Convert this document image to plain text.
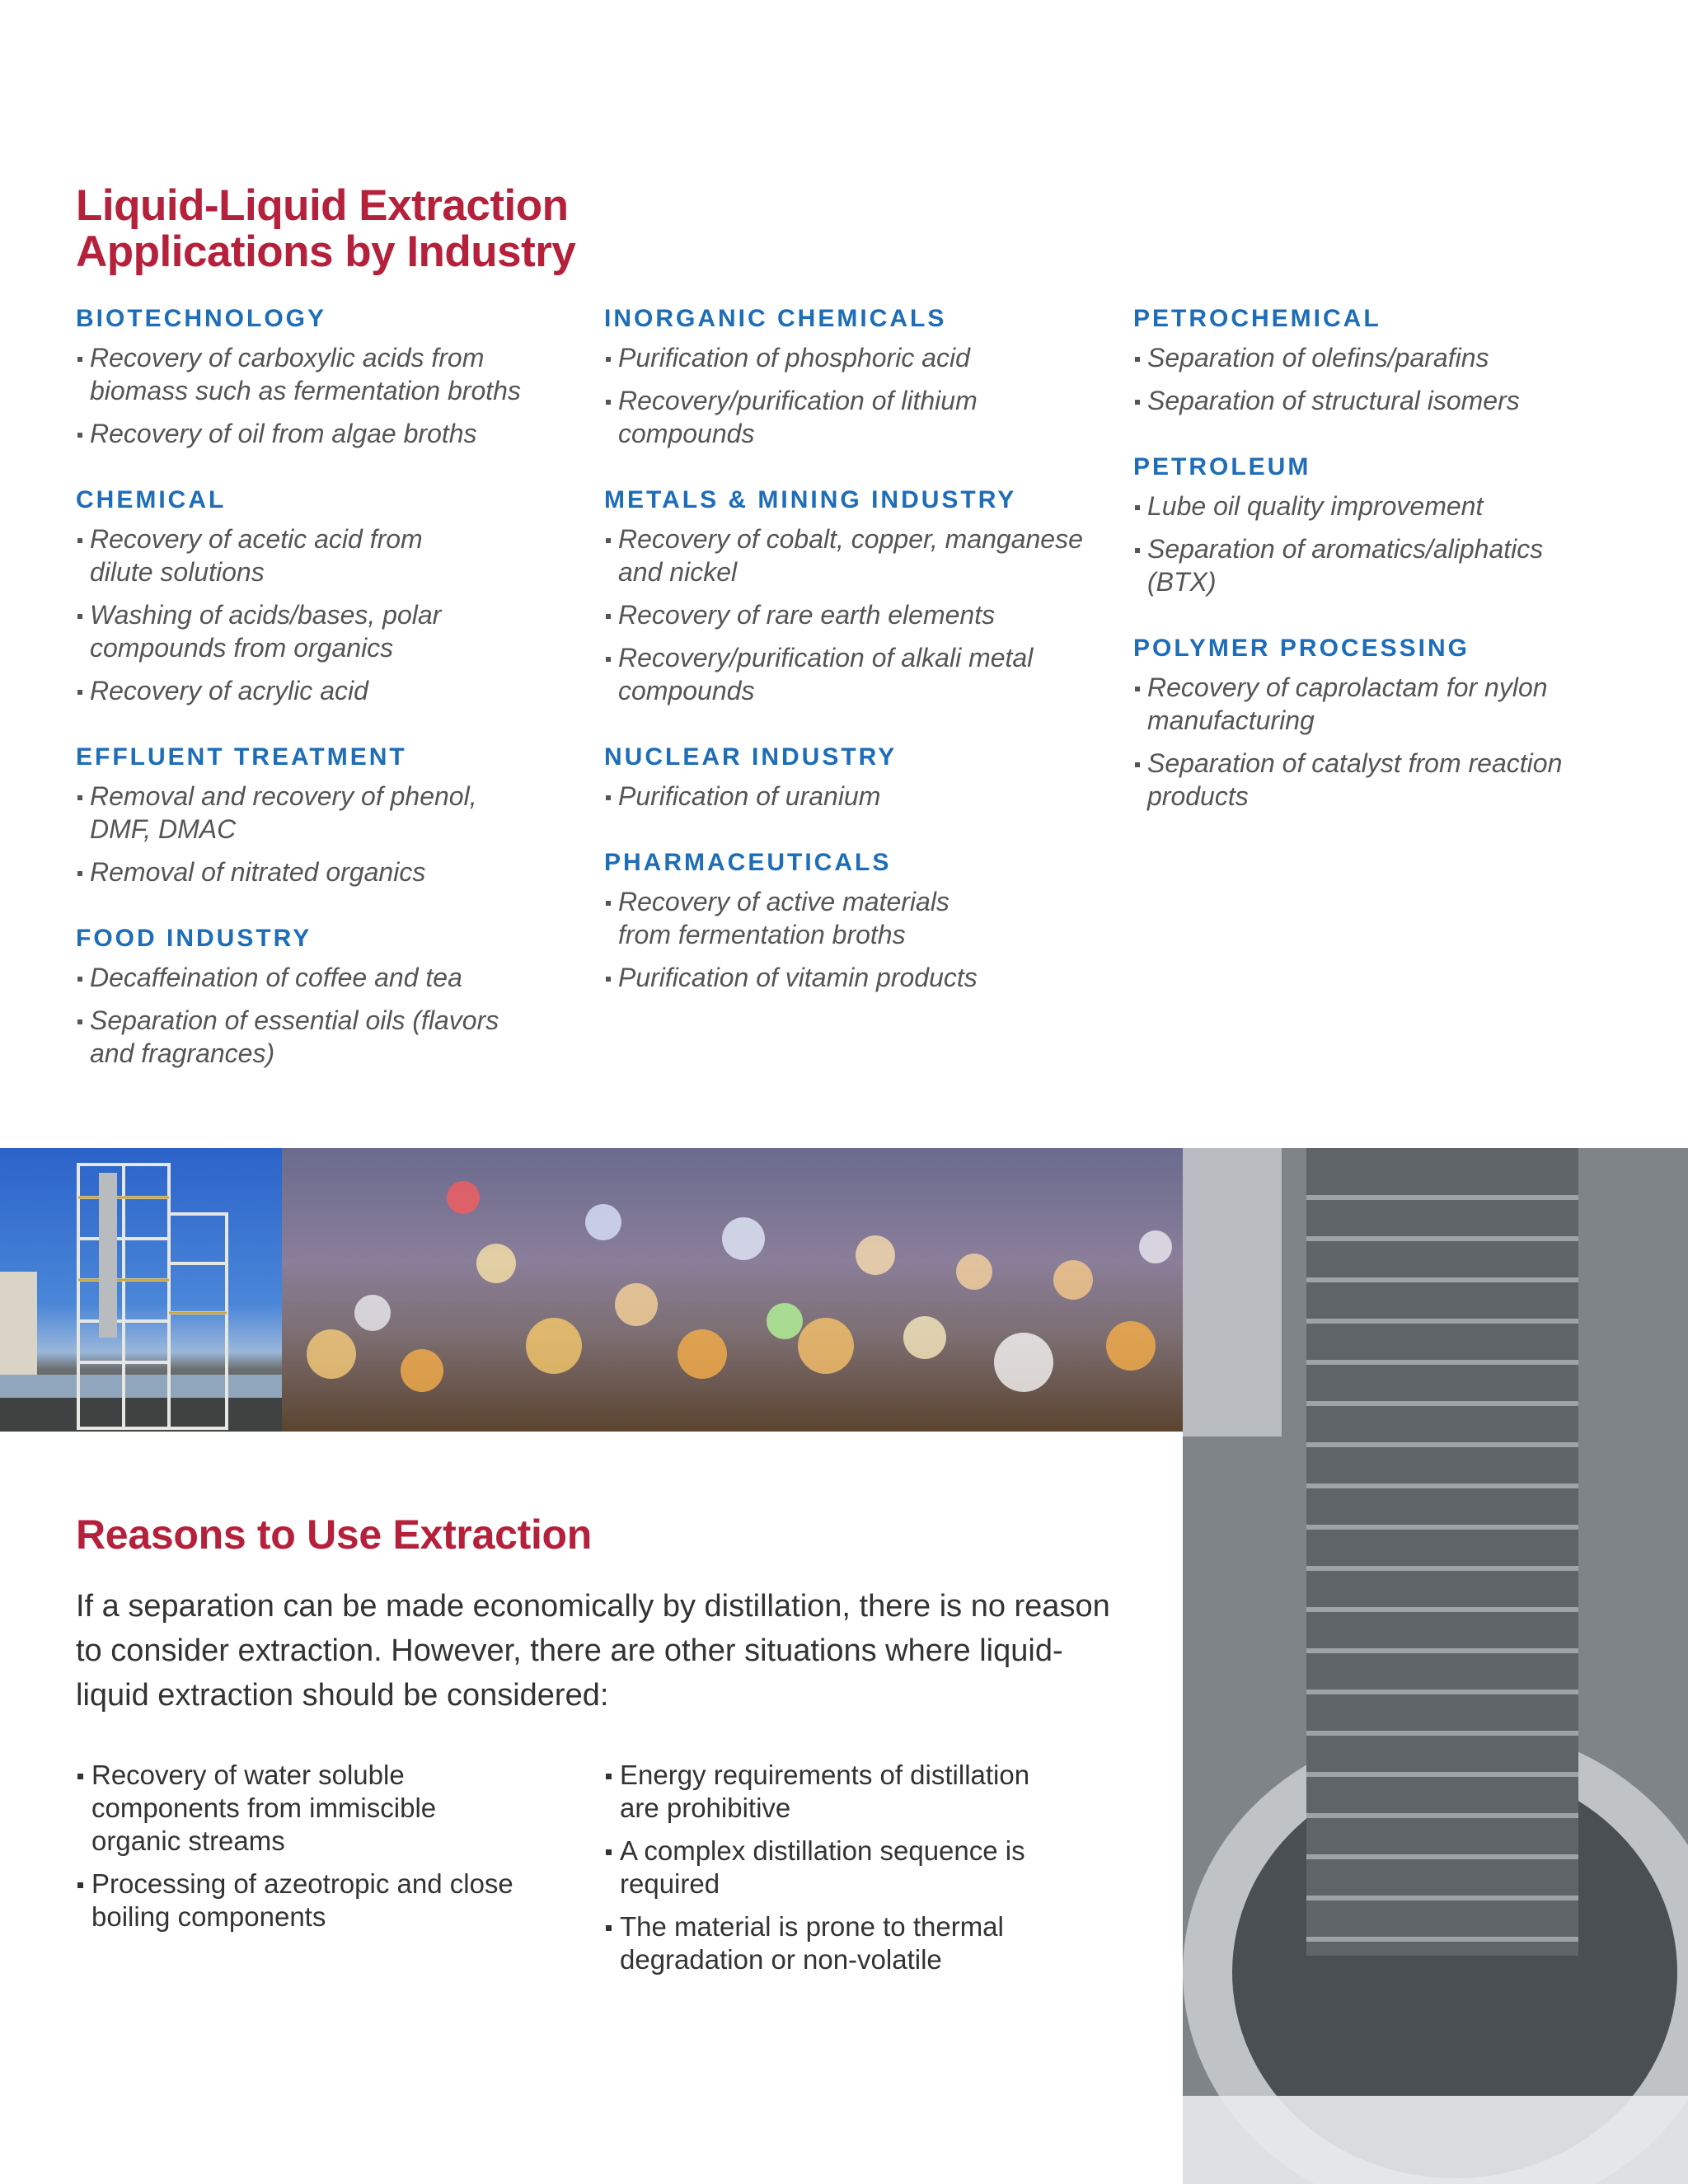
Liquid-Liquid Extraction
Applications by Industry
BIOTECHNOLOGY
Recovery of carboxylic acids from biomass such as fermentation broths
Recovery of oil from algae broths
CHEMICAL
Recovery of acetic acid from dilute solutions
Washing of acids/bases, polar compounds from organics
Recovery of acrylic acid
EFFLUENT TREATMENT
Removal and recovery of phenol, DMF, DMAC
Removal of nitrated organics
FOOD INDUSTRY
Decaffeination of coffee and tea
Separation of essential oils (flavors and fragrances)
INORGANIC CHEMICALS
Purification of phosphoric acid
Recovery/purification of lithium compounds
METALS & MINING INDUSTRY
Recovery of cobalt, copper, manganese and nickel
Recovery of rare earth elements
Recovery/purification of alkali metal compounds
NUCLEAR INDUSTRY
Purification of uranium
PHARMACEUTICALS
Recovery of active materials from fermentation broths
Purification of vitamin products
PETROCHEMICAL
Separation of olefins/parafins
Separation of structural isomers
PETROLEUM
Lube oil quality improvement
Separation of aromatics/aliphatics (BTX)
POLYMER PROCESSING
Recovery of caprolactam for nylon manufacturing
Separation of catalyst from reaction products
Reasons to Use Extraction

If a separation can be made economically by distillation, there is no reason to consider extraction. However, there are other situations where liquid-liquid extraction should be considered:

Recovery of water soluble components from immiscible organic streams
Processing of azeotropic and close boiling components
Energy requirements of distillation are prohibitive
A complex distillation sequence is required
The material is prone to thermal degradation or non-volatile
